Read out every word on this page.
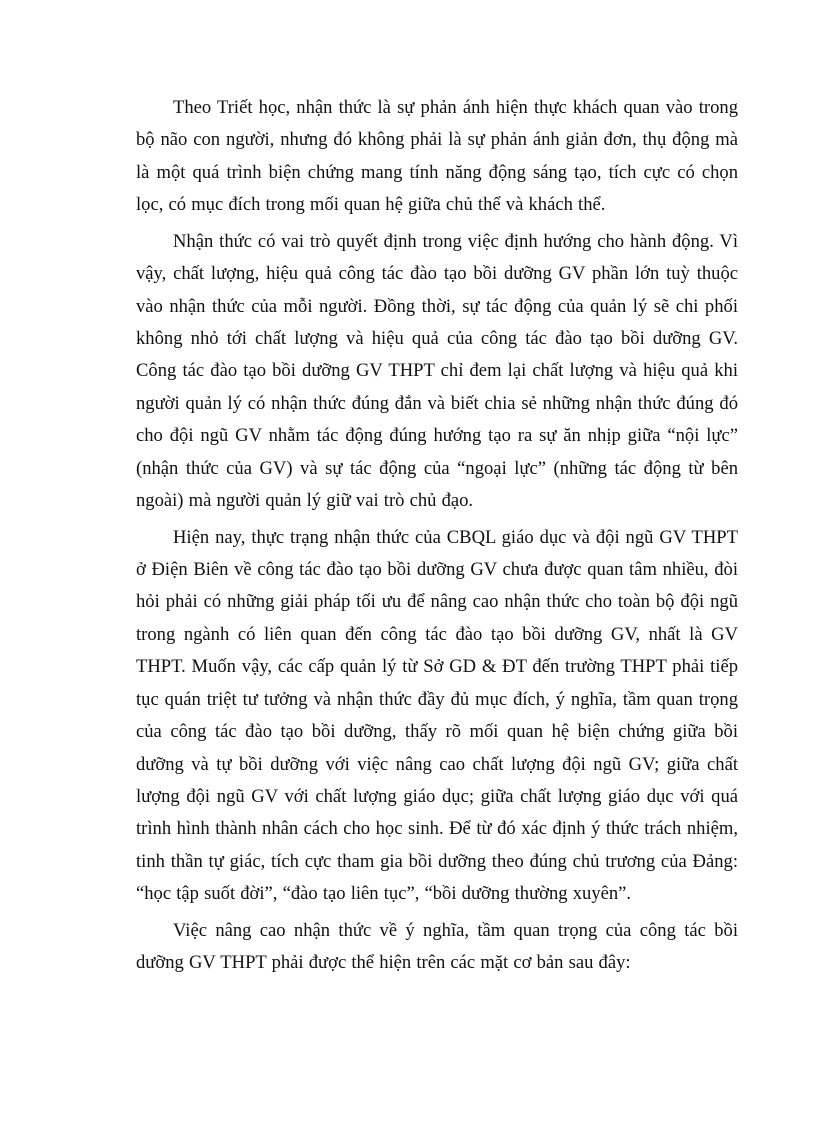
Theo Triết học, nhận thức là sự phản ánh hiện thực khách quan vào trong bộ não con người, nhưng đó không phải là sự phản ánh giản đơn, thụ động mà là một quá trình biện chứng mang tính năng động sáng tạo, tích cực có chọn lọc, có mục đích trong mối quan hệ giữa chủ thể và khách thể.

Nhận thức có vai trò quyết định trong việc định hướng cho hành động. Vì vậy, chất lượng, hiệu quả công tác đào tạo bồi dưỡng GV phần lớn tuỳ thuộc vào nhận thức của mỗi người. Đồng thời, sự tác động của quản lý sẽ chi phối không nhỏ tới chất lượng và hiệu quả của công tác đào tạo bồi dưỡng GV. Công tác đào tạo bồi dưỡng GV THPT chỉ đem lại chất lượng và hiệu quả khi người quản lý có nhận thức đúng đắn và biết chia sẻ những nhận thức đúng đó cho đội ngũ GV nhằm tác động đúng hướng tạo ra sự ăn nhịp giữa “nội lực” (nhận thức của GV) và sự tác động của “ngoại lực” (những tác động từ bên ngoài) mà người quản lý giữ vai trò chủ đạo.

Hiện nay, thực trạng nhận thức của CBQL giáo dục và đội ngũ GV THPT ở Điện Biên về công tác đào tạo bồi dưỡng GV chưa được quan tâm nhiều, đòi hỏi phải có những giải pháp tối ưu để nâng cao nhận thức cho toàn bộ đội ngũ trong ngành có liên quan đến công tác đào tạo bồi dưỡng GV, nhất là GV THPT. Muốn vậy, các cấp quản lý từ Sở GD & ĐT đến trường THPT phải tiếp tục quán triệt tư tưởng và nhận thức đầy đủ mục đích, ý nghĩa, tầm quan trọng của công tác đào tạo bồi dưỡng, thấy rõ mối quan hệ biện chứng giữa bồi dưỡng và tự bồi dưỡng với việc nâng cao chất lượng đội ngũ GV; giữa chất lượng đội ngũ GV với chất lượng giáo dục; giữa chất lượng giáo dục với quá trình hình thành nhân cách cho học sinh. Để từ đó xác định ý thức trách nhiệm, tinh thần tự giác, tích cực tham gia bồi dưỡng theo đúng chủ trương của Đảng: “học tập suốt đời”, “đào tạo liên tục”, “bồi dưỡng thường xuyên”.

Việc nâng cao nhận thức về ý nghĩa, tầm quan trọng của công tác bồi dưỡng GV THPT phải được thể hiện trên các mặt cơ bản sau đây:
